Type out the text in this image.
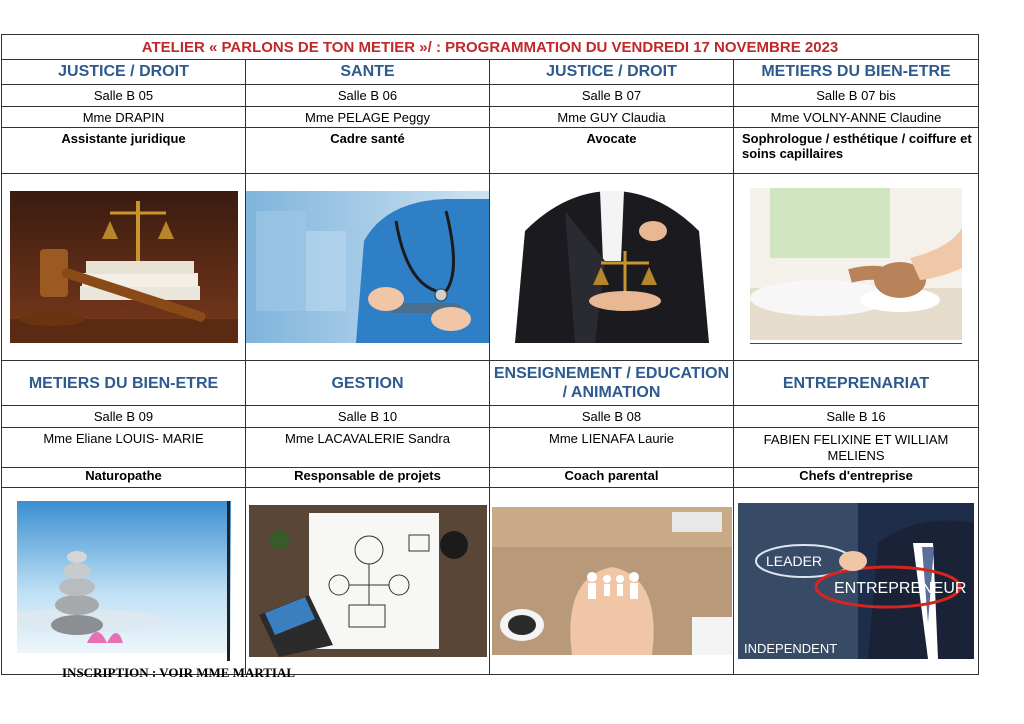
ATELIER « PARLONS DE TON METIER »/ : PROGRAMMATION DU VENDREDI 17 NOVEMBRE 2023			
JUSTICE / DROIT	SANTE	JUSTICE / DROIT	METIERS DU BIEN-ETRE
Salle B 05	Salle B 06	Salle B 07	Salle B 07 bis
Mme DRAPIN	Mme PELAGE Peggy	Mme GUY Claudia	Mme VOLNY-ANNE Claudine
Assistante juridique	Cadre santé	Avocate	Sophrologue / esthétique / coiffure et soins capillaires

METIERS DU BIEN-ETRE	GESTION	ENSEIGNEMENT / EDUCATION / ANIMATION	ENTREPRENARIAT
Salle B 09	Salle B 10	Salle B 08	Salle B 16
Mme Eliane LOUIS- MARIE	Mme LACAVALERIE Sandra	Mme LIENAFA Laurie	FABIEN FELIXINE ET WILLIAM MELIENS
Naturopathe	Responsable de projets	Coach parental	Chefs d'entreprise

LEADER
ENTREPRENEUR
INDEPENDENT
INSCRIPTION : VOIR MME MARTIAL
